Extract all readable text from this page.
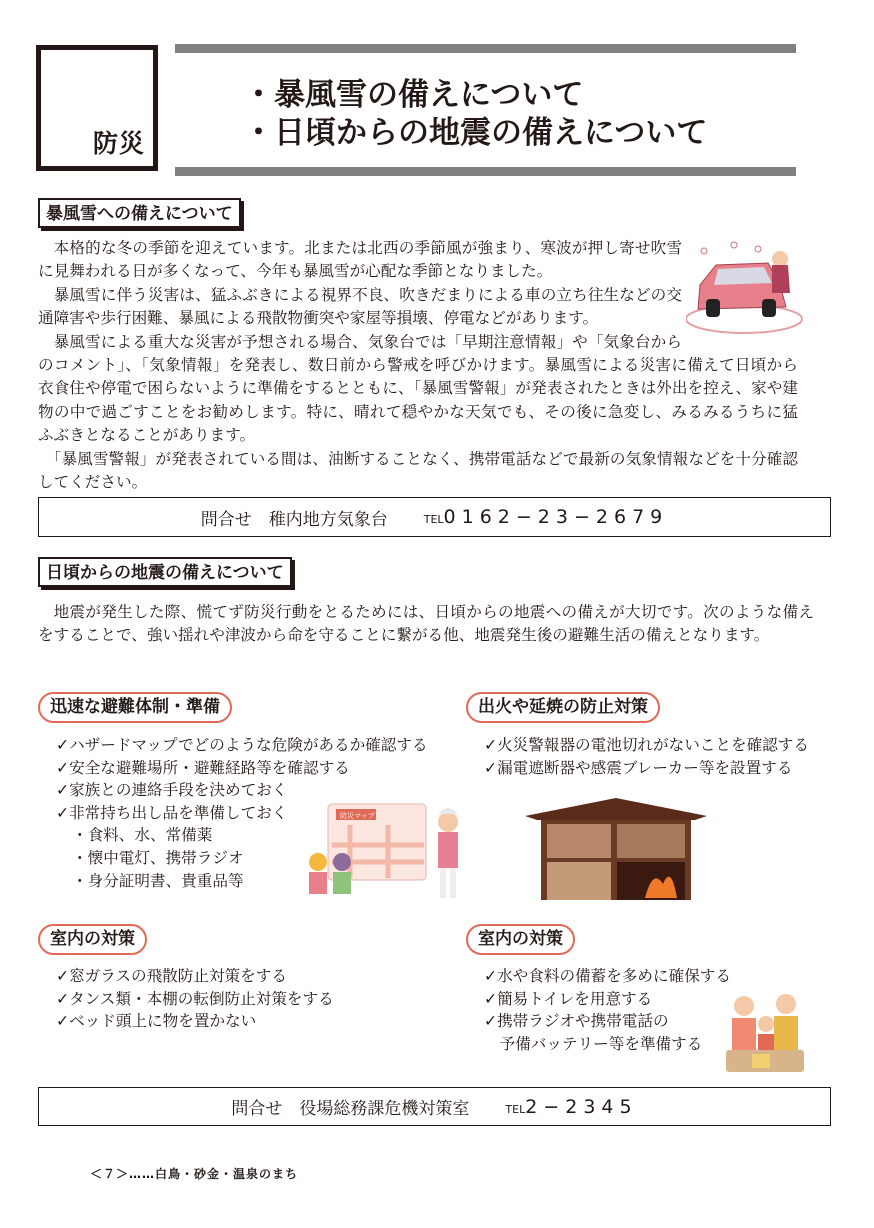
防災
・暴風雪の備えについて
・日頃からの地震の備えについて
暴風雪への備えについて

本格的な冬の季節を迎えています。北または北西の季節風が強まり、寒波が押し寄せ吹雪に見舞われる日が多くなって、今年も暴風雪が心配な季節となりました。

暴風雪に伴う災害は、猛ふぶきによる視界不良、吹きだまりによる車の立ち往生などの交通障害や歩行困難、暴風による飛散物衝突や家屋等損壊、停電などがあります。

暴風雪による重大な災害が予想される場合、気象台では「早期注意情報」や「気象台からのコメント」、「気象情報」を発表し、数日前から警戒を呼びかけます。暴風雪による災害に備えて日頃から衣食住や停電で困らないように準備をするとともに、「暴風雪警報」が発表されたときは外出を控え、家や建物の中で過ごすことをお勧めします。特に、晴れて穏やかな天気でも、その後に急変し、みるみるうちに猛ふぶきとなることがあります。

「暴風雪警報」が発表されている間は、油断することなく、携帯電話などで最新の気象情報などを十分確認してください。

問合せ　 稚内地方気象台	TEL0162−23−2679
日頃からの地震の備えについて

地震が発生した際、慌てず防災行動をとるためには、日頃からの地震への備えが大切です。次のような備えをすることで、強い揺れや津波から命を守ることに繋がる他、地震発生後の避難生活の備えとなります。

迅速な避難体制・準備
✓ハザードマップでどのような危険があるか確認する
✓安全な避難場所・避難経路等を確認する
✓家族との連絡手段を決めておく
✓非常持ち出し品を準備しておく
・食料、水、常備薬
・懐中電灯、携帯ラジオ
・身分証明書、貴重品等
防災マップ
出火や延焼の防止対策
✓火災警報器の電池切れがないことを確認する
✓漏電遮断器や感震ブレーカー等を設置する
室内の対策
✓窓ガラスの飛散防止対策をする
✓タンス類・本棚の転倒防止対策をする
✓ベッド頭上に物を置かない
室内の対策
✓水や食料の備蓄を多めに確保する
✓簡易トイレを用意する
✓携帯ラジオや携帯電話の
　予備バッテリー等を準備する
問合せ　 役場総務課危機対策室	TEL2−2345
＜７＞……白鳥・砂金・温泉のまち
